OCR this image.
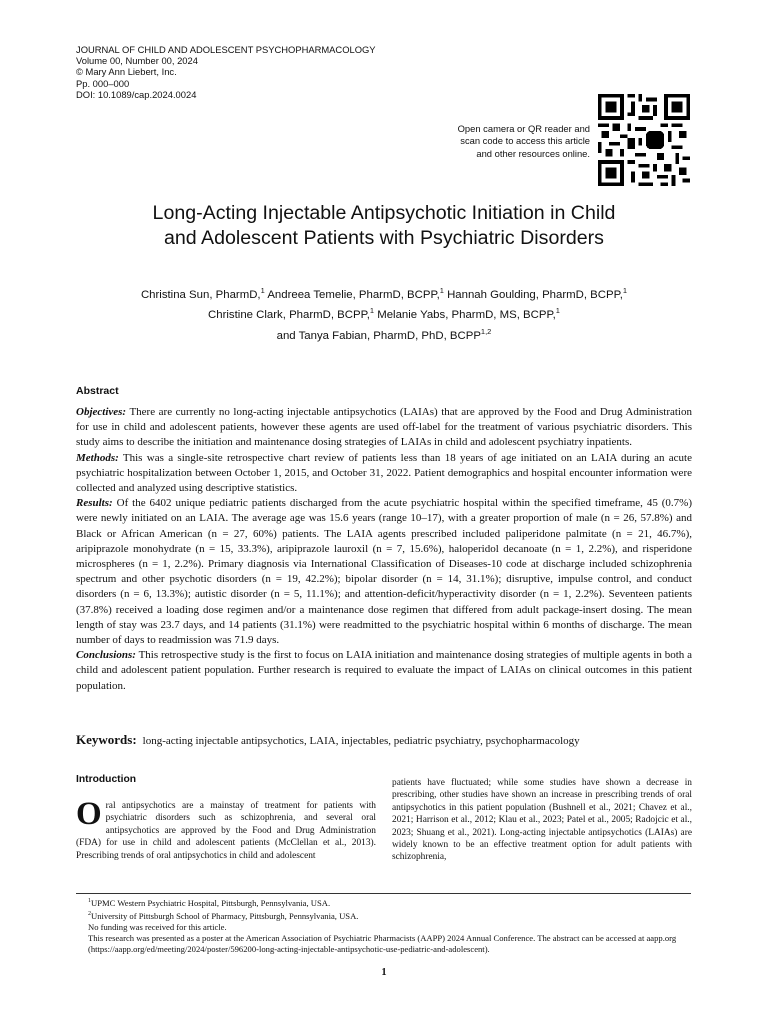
JOURNAL OF CHILD AND ADOLESCENT PSYCHOPHARMACOLOGY
Volume 00, Number 00, 2024
© Mary Ann Liebert, Inc.
Pp. 000–000
DOI: 10.1089/cap.2024.0024
Open camera or QR reader and
scan code to access this article
and other resources online.
Long-Acting Injectable Antipsychotic Initiation in Child
and Adolescent Patients with Psychiatric Disorders
Christina Sun, PharmD,$^1$ Andreea Temelie, PharmD, BCPP,$^1$ Hannah Goulding, PharmD, BCPP,$^1$
Christine Clark, PharmD, BCPP,$^1$ Melanie Yabs, PharmD, MS, BCPP,$^1$
and Tanya Fabian, PharmD, PhD, BCPP$^{1,2}$
Abstract

Objectives: There are currently no long-acting injectable antipsychotics (LAIAs) that are approved by the Food and Drug Administration for use in child and adolescent patients, however these agents are used off-label for the treatment of various psychiatric disorders. This study aims to describe the initiation and maintenance dosing strategies of LAIAs in child and adolescent psychiatry inpatients.

Methods: This was a single-site retrospective chart review of patients less than 18 years of age initiated on an LAIA during an acute psychiatric hospitalization between October 1, 2015, and October 31, 2022. Patient demographics and hospital encounter information were collected and analyzed using descriptive statistics.

Results: Of the 6402 unique pediatric patients discharged from the acute psychiatric hospital within the specified timeframe, 45 (0.7%) were newly initiated on an LAIA. The average age was 15.6 years (range 10–17), with a greater proportion of male (n = 26, 57.8%) and Black or African American (n = 27, 60%) patients. The LAIA agents prescribed included paliperidone palmitate (n = 21, 46.7%), aripiprazole monohydrate (n = 15, 33.3%), aripiprazole lauroxil (n = 7, 15.6%), haloperidol decanoate (n = 1, 2.2%), and risperidone microspheres (n = 1, 2.2%). Primary diagnosis via International Classification of Diseases-10 code at discharge included schizophrenia spectrum and other psychotic disorders (n = 19, 42.2%); bipolar disorder (n = 14, 31.1%); disruptive, impulse control, and conduct disorders (n = 6, 13.3%); autistic disorder (n = 5, 11.1%); and attention-deficit/hyperactivity disorder (n = 1, 2.2%). Seventeen patients (37.8%) received a loading dose regimen and/or a maintenance dose regimen that differed from adult package-insert dosing. The mean length of stay was 23.7 days, and 14 patients (31.1%) were readmitted to the psychiatric hospital within 6 months of discharge. The mean number of days to readmission was 71.9 days.

Conclusions: This retrospective study is the first to focus on LAIA initiation and maintenance dosing strategies of multiple agents in both a child and adolescent patient population. Further research is required to evaluate the impact of LAIAs on clinical outcomes in this patient population.

Keywords: long-acting injectable antipsychotics, LAIA, injectables, pediatric psychiatry, psychopharmacology
Introduction

Oral antipsychotics are a mainstay of treatment for patients with psychiatric disorders such as schizophrenia, and several oral antipsychotics are approved by the Food and Drug Administration (FDA) for use in child and adolescent patients (McClellan et al., 2013). Prescribing trends of oral antipsychotics in child and adolescent

patients have fluctuated; while some studies have shown a decrease in prescribing, other studies have shown an increase in prescribing trends of oral antipsychotics in this patient population (Bushnell et al., 2021; Chavez et al., 2021; Harrison et al., 2012; Klau et al., 2023; Patel et al., 2005; Radojcic et al., 2023; Shuang et al., 2021). Long-acting injectable antipsychotics (LAIAs) are widely known to be an effective treatment option for adult patients with schizophrenia,

$^1$UPMC Western Psychiatric Hospital, Pittsburgh, Pennsylvania, USA.
$^2$University of Pittsburgh School of Pharmacy, Pittsburgh, Pennsylvania, USA.
No funding was received for this article.
This research was presented as a poster at the American Association of Psychiatric Pharmacists (AAPP) 2024 Annual Conference. The abstract can be accessed at aapp.org (https://aapp.org/ed/meeting/2024/poster/596200-long-acting-injectable-antipsychotic-use-pediatric-and-adolescent).
1
